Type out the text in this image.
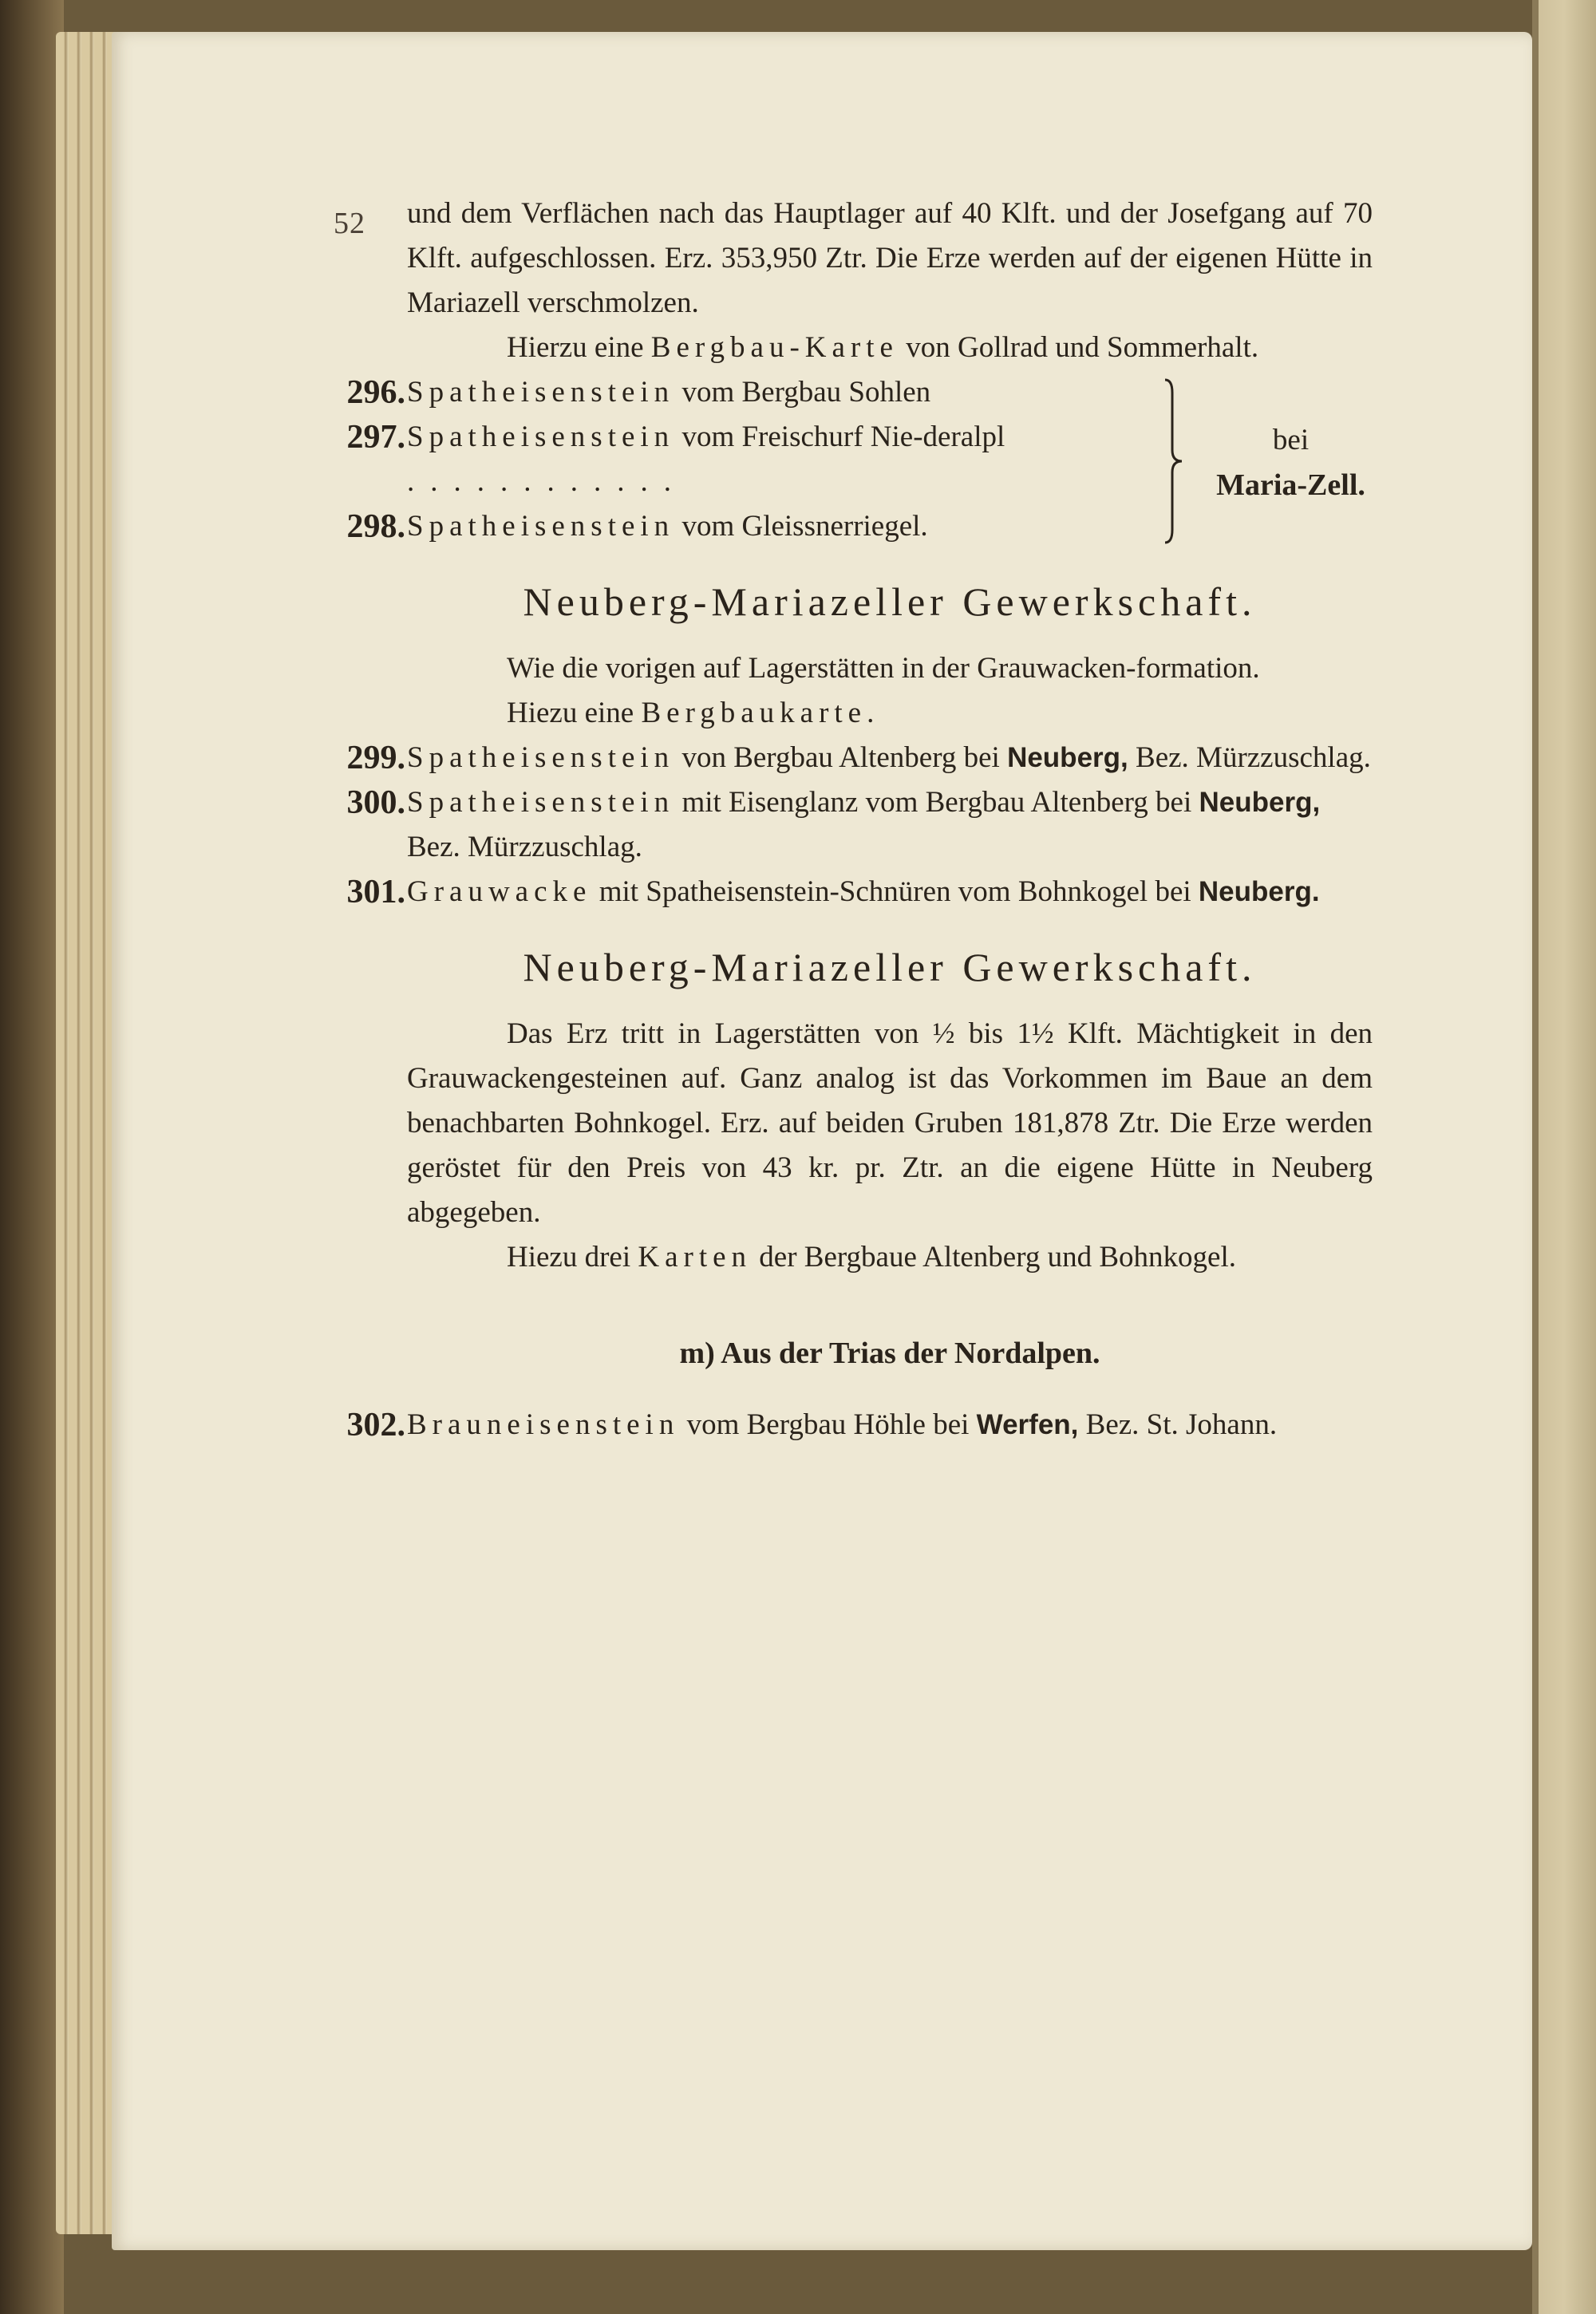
52 und dem Verflächen nach das Hauptlager auf 40 Klft. und der Josefgang auf 70 Klft. aufgeschlossen. Erz. 353,950 Ztr. Die Erze werden auf der eigenen Hütte in Mariazell verschmolzen.

Hierzu eine Bergbau-Karte von Gollrad und Sommerhalt.

296. Spatheisenstein vom Bergbau Sohlen
297. Spatheisenstein vom Freischurf Nie-deralpl ............
298. Spatheisenstein vom Gleissnerriegel.
bei
Maria-Zell.
Neuberg-Mariazeller Gewerkschaft.

Wie die vorigen auf Lagerstätten in der Grauwacken-formation.

Hiezu eine Bergbaukarte.

299. Spatheisenstein von Bergbau Altenberg bei Neuberg, Bez. Mürzzuschlag.
300. Spatheisenstein mit Eisenglanz vom Bergbau Altenberg bei Neuberg, Bez. Mürzzuschlag.
301. Grauwacke mit Spatheisenstein-Schnüren vom Bohnkogel bei Neuberg.
Neuberg-Mariazeller Gewerkschaft.

Das Erz tritt in Lagerstätten von ½ bis 1½ Klft. Mächtigkeit in den Grauwackengesteinen auf. Ganz analog ist das Vorkommen im Baue an dem benachbarten Bohnkogel. Erz. auf beiden Gruben 181,878 Ztr. Die Erze werden geröstet für den Preis von 43 kr. pr. Ztr. an die eigene Hütte in Neuberg abgegeben.

Hiezu drei Karten der Bergbaue Altenberg und Bohnkogel.

m) Aus der Trias der Nordalpen.
302. Brauneisenstein vom Bergbau Höhle bei Werfen, Bez. St. Johann.
